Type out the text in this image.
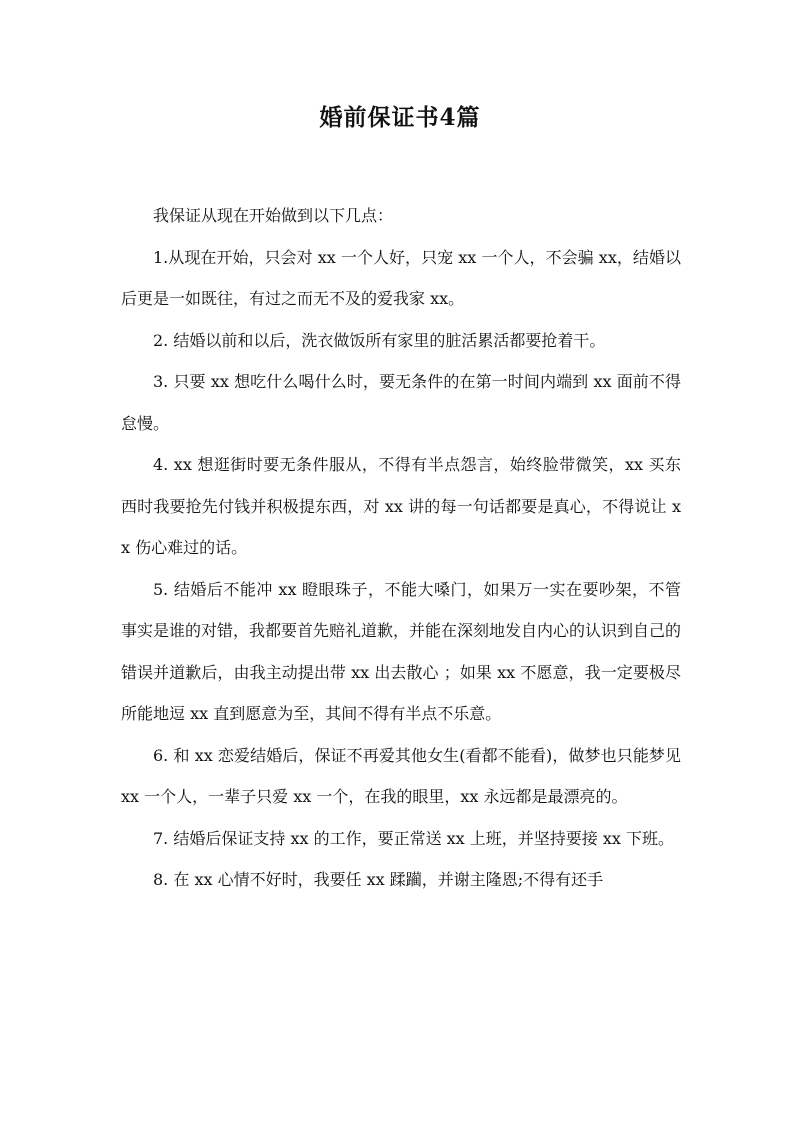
婚前保证书4篇

我保证从现在开始做到以下几点：

1.从现在开始，只会对 xx 一个人好，只宠 xx 一个人，不会骗 xx，结婚以后更是一如既往，有过之而无不及的爱我家 xx。

2. 结婚以前和以后，洗衣做饭所有家里的脏活累活都要抢着干。

3. 只要 xx 想吃什么喝什么时，要无条件的在第一时间内端到 xx 面前不得怠慢。

4. xx 想逛街时要无条件服从，不得有半点怨言，始终脸带微笑，xx 买东西时我要抢先付钱并积极提东西，对 xx 讲的每一句话都要是真心，不得说让 xx 伤心难过的话。

5. 结婚后不能冲 xx 瞪眼珠子，不能大嗓门，如果万一实在要吵架，不管事实是谁的对错，我都要首先赔礼道歉，并能在深刻地发自内心的认识到自己的错误并道歉后，由我主动提出带 xx 出去散心 ；如果 xx 不愿意，我一定要极尽所能地逗 xx 直到愿意为至，其间不得有半点不乐意。

6. 和 xx 恋爱结婚后，保证不再爱其他女生(看都不能看)，做梦也只能梦见 xx 一个人，一辈子只爱 xx 一个，在我的眼里，xx 永远都是最漂亮的。

7. 结婚后保证支持 xx 的工作，要正常送 xx 上班，并坚持要接 xx 下班。

8. 在 xx 心情不好时，我要任 xx 蹂躏，并谢主隆恩;不得有还手
